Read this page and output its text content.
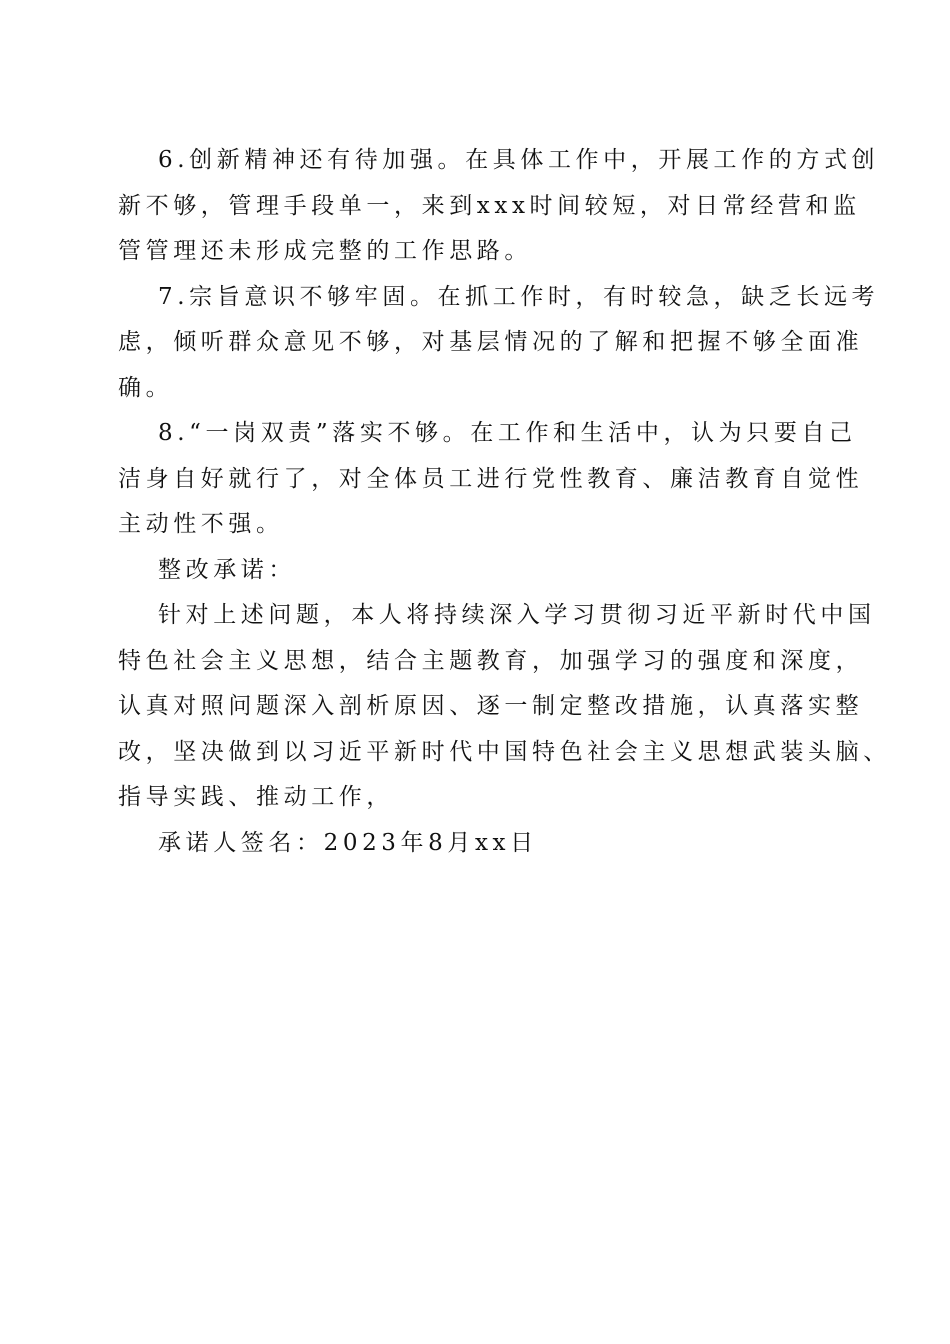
6.创新精神还有待加强。在具体工作中，开展工作的方式创
新不够，管理手段单一，来到xxx时间较短，对日常经营和监
管管理还未形成完整的工作思路。
7.宗旨意识不够牢固。在抓工作时，有时较急，缺乏长远考
虑，倾听群众意见不够，对基层情况的了解和把握不够全面准
确。
8.“一岗双责”落实不够。在工作和生活中，认为只要自己
洁身自好就行了，对全体员工进行党性教育、廉洁教育自觉性
主动性不强。
整改承诺：
针对上述问题，本人将持续深入学习贯彻习近平新时代中国
特色社会主义思想，结合主题教育，加强学习的强度和深度，
认真对照问题深入剖析原因、逐一制定整改措施，认真落实整
改，坚决做到以习近平新时代中国特色社会主义思想武装头脑、
指导实践、推动工作，
承诺人签名：2023年8月xx日
